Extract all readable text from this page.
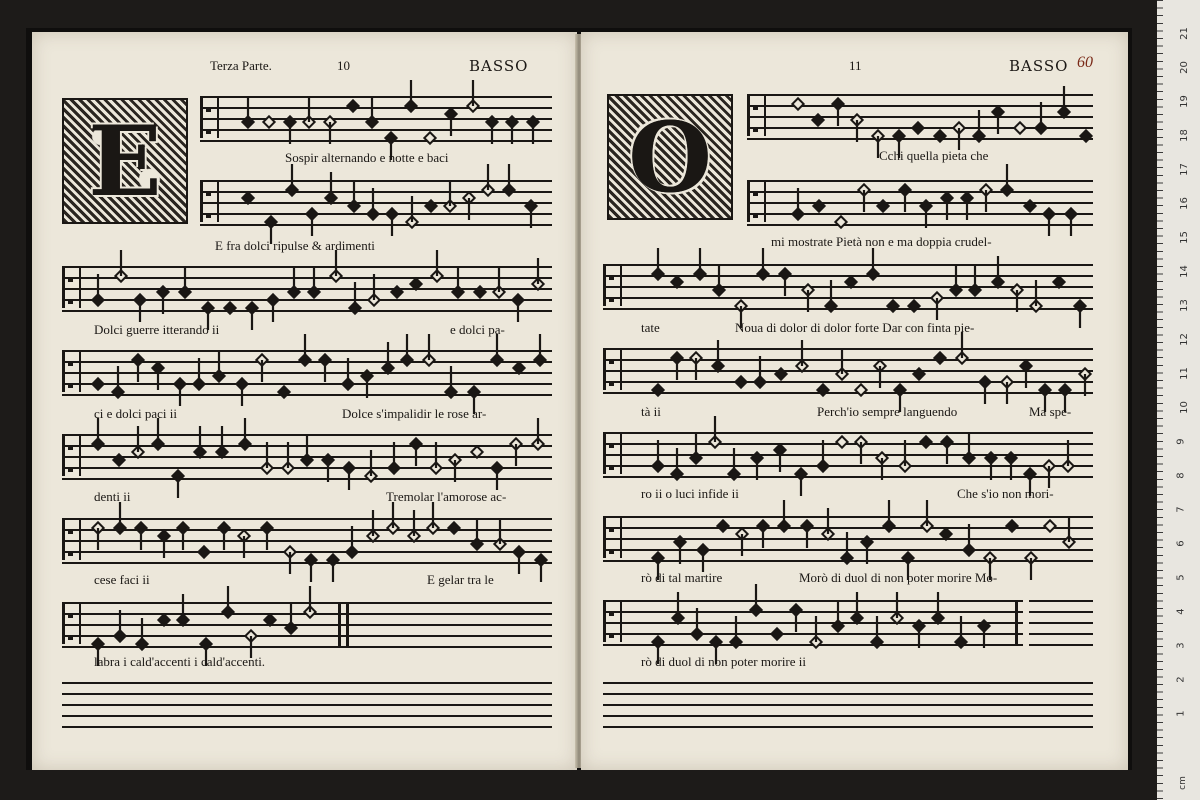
Terza Parte.	10	BASSO
E	Sospir alternando e notte e baci
E fra dolci ripulse & ardimenti
Dolci guerre itterando ii	e dolci pa-
ci e dolci paci ii	Dolce s'impalidir le rose ar-
denti ii	Tremolar l'amorose ac-
cese faci ii	E gelar tra le
labra i cald'accenti i cald'accenti.
11	BASSO 60
O	Cchi quella pieta che
mi mostrate Pietà non e ma doppia crudel-
tate	Noua di dolor di dolor forte Dar con finta pie-
tà ii	Perch'io sempre languendo	Ma spe-
ro ii o luci infide ii	Che s'io non mori-
rò di tal martire	Morò di duol di non poter morire Mo-
rò di duol di non poter morire ii
21
20
19
18
17
16
15
14
13
12
11
10
9
8
7
6
5
4
3
2
1
cm
